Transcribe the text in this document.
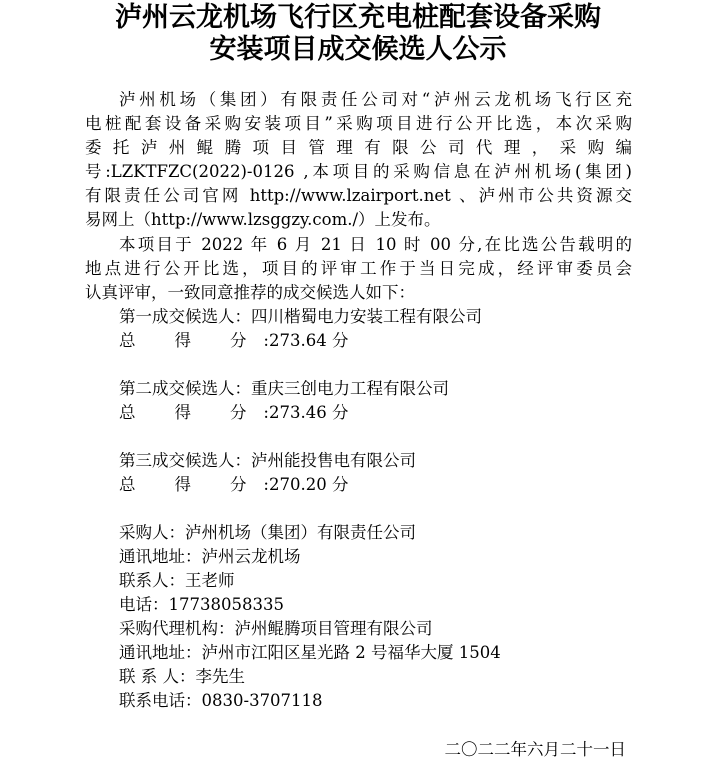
泸州云龙机场飞行区充电桩配套设备采购
安装项目成交候选人公示
泸州机场（集团）有限责任公司对“泸州云龙机场飞行区充
电桩配套设备采购安装项目”采购项目进行公开比选，本次采购
委托泸州鲲腾项目管理有限公司代理，采购编
号:LZKTFZC(2022)-0126 ,本项目的采购信息在泸州机场(集团)
有限责任公司官网 http://www.lzairport.net 、泸州市公共资源交
易网上（http://www.lzsggzy.com./）上发布。
本项目于 2022 年 6 月 21 日 10 时 00 分,在比选公告载明的
地点进行公开比选，项目的评审工作于当日完成，经评审委员会
认真评审，一致同意推荐的成交候选人如下：
第一成交候选人：四川楷蜀电力安装工程有限公司
总 得 分:273.64 分
第二成交候选人：重庆三创电力工程有限公司
总 得 分:273.46 分
第三成交候选人：泸州能投售电有限公司
总 得 分:270.20 分
采购人：泸州机场（集团）有限责任公司
通讯地址：泸州云龙机场
联系人：王老师
电话：17738058335
采购代理机构：泸州鲲腾项目管理有限公司
通讯地址：泸州市江阳区星光路 2 号福华大厦 1504
联 系 人：李先生
联系电话：0830-3707118
二〇二二年六月二十一日
